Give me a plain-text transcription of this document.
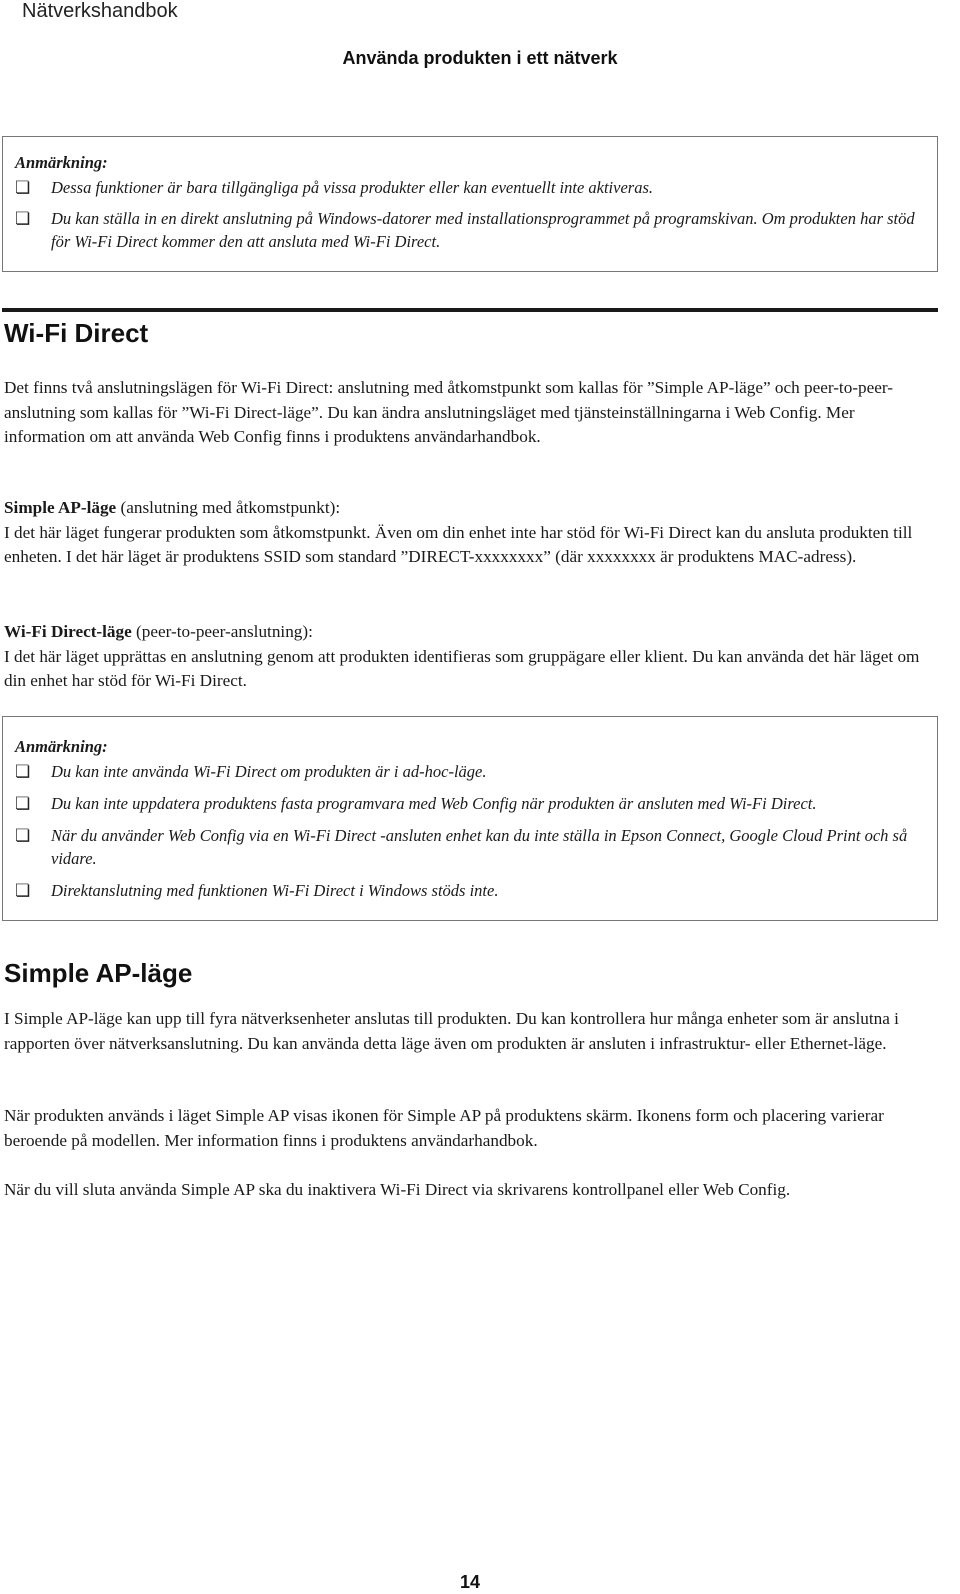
Nätverkshandbok
Använda produkten i ett nätverk
Anmärkning:
❏ Dessa funktioner är bara tillgängliga på vissa produkter eller kan eventuellt inte aktiveras.
❏ Du kan ställa in en direkt anslutning på Windows-datorer med installationsprogrammet på programskivan. Om produkten har stöd för Wi-Fi Direct kommer den att ansluta med Wi-Fi Direct.
Wi-Fi Direct

Det finns två anslutningslägen för Wi-Fi Direct: anslutning med åtkomstpunkt som kallas för ”Simple AP-läge” och peer-to-peer-anslutning som kallas för ”Wi-Fi Direct-läge”. Du kan ändra anslutningsläget med tjänsteinställningarna i Web Config. Mer information om att använda Web Config finns i produktens användarhandbok.

Simple AP-läge (anslutning med åtkomstpunkt):
I det här läget fungerar produkten som åtkomstpunkt. Även om din enhet inte har stöd för Wi-Fi Direct kan du ansluta produkten till enheten. I det här läget är produktens SSID som standard ”DIRECT-xxxxxxxx” (där xxxxxxxx är produktens MAC-adress).

Wi-Fi Direct-läge (peer-to-peer-anslutning):
I det här läget upprättas en anslutning genom att produkten identifieras som gruppägare eller klient. Du kan använda det här läget om din enhet har stöd för Wi-Fi Direct.

Anmärkning:
❏ Du kan inte använda Wi-Fi Direct om produkten är i ad-hoc-läge.
❏ Du kan inte uppdatera produktens fasta programvara med Web Config när produkten är ansluten med Wi-Fi Direct.
❏ När du använder Web Config via en Wi-Fi Direct -ansluten enhet kan du inte ställa in Epson Connect, Google Cloud Print och så vidare.
❏ Direktanslutning med funktionen Wi-Fi Direct i Windows stöds inte.
Simple AP-läge

I Simple AP-läge kan upp till fyra nätverksenheter anslutas till produkten. Du kan kontrollera hur många enheter som är anslutna i rapporten över nätverksanslutning. Du kan använda detta läge även om produkten är ansluten i infrastruktur- eller Ethernet-läge.

När produkten används i läget Simple AP visas ikonen för Simple AP på produktens skärm. Ikonens form och placering varierar beroende på modellen. Mer information finns i produktens användarhandbok.

När du vill sluta använda Simple AP ska du inaktivera Wi-Fi Direct via skrivarens kontrollpanel eller Web Config.

14
